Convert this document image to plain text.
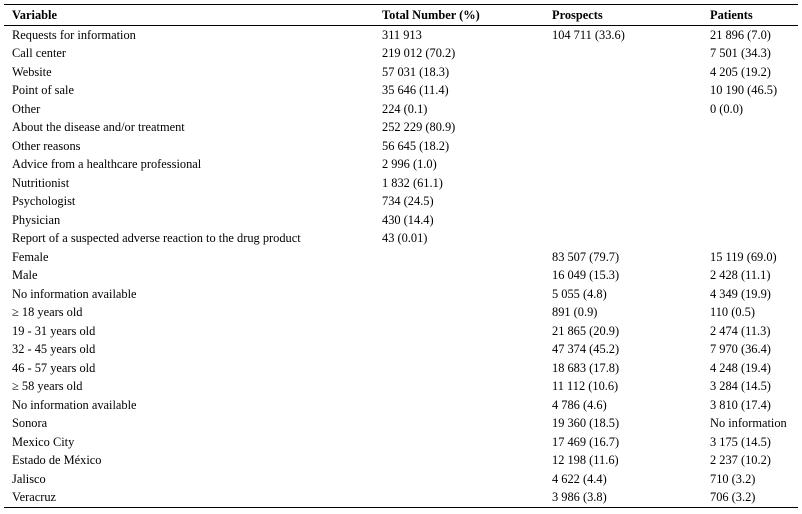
Variable	Total Number (%)	Prospects	Patients
Requests for information	311 913	104 711 (33.6)	21 896 (7.0)
Call center	219 012 (70.2)		7 501 (34.3)
Website	57 031 (18.3)		4 205 (19.2)
Point of sale	35 646 (11.4)		10 190 (46.5)
Other	224 (0.1)		0 (0.0)
About the disease and/or treatment	252 229 (80.9)		
Other reasons	56 645 (18.2)		
Advice from a healthcare professional	2 996 (1.0)		
Nutritionist	1 832 (61.1)		
Psychologist	734 (24.5)		
Physician	430 (14.4)		
Report of a suspected adverse reaction to the drug product	43 (0.01)		
Female		83 507 (79.7)	15 119 (69.0)
Male		16 049 (15.3)	2 428 (11.1)
No information available		5 055 (4.8)	4 349 (19.9)
≥ 18 years old		891 (0.9)	110 (0.5)
19 - 31 years old		21 865 (20.9)	2 474 (11.3)
32 - 45 years old		47 374 (45.2)	7 970 (36.4)
46 - 57 years old		18 683 (17.8)	4 248 (19.4)
≥ 58 years old		11 112 (10.6)	3 284 (14.5)
No information available		4 786 (4.6)	3 810 (17.4)
Sonora		19 360 (18.5)	No information
Mexico City		17 469 (16.7)	3 175 (14.5)
Estado de México		12 198 (11.6)	2 237 (10.2)
Jalisco		4 622 (4.4)	710 (3.2)
Veracruz		3 986 (3.8)	706 (3.2)
